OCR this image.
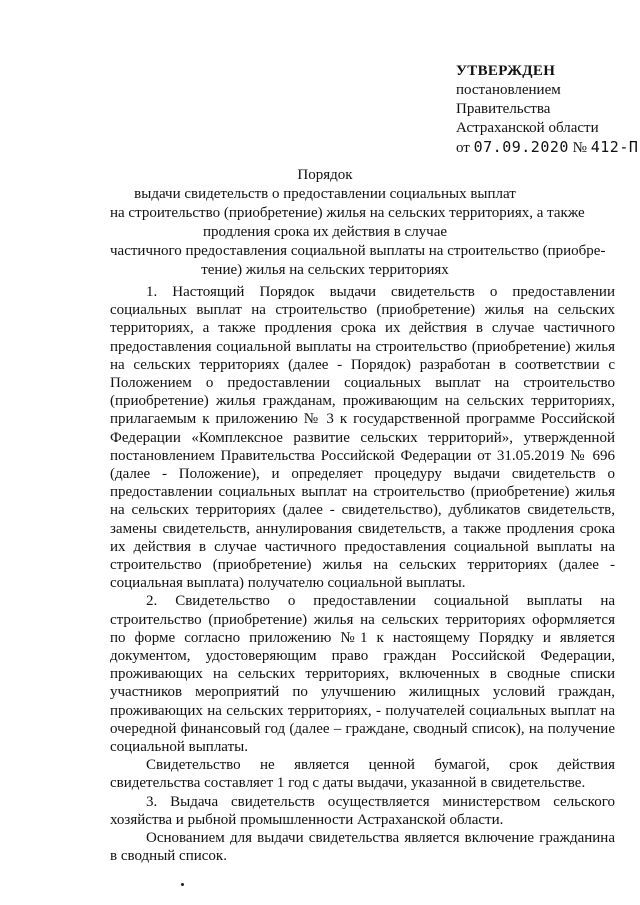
УТВЕРЖДЕН
постановлением
Правительства
Астраханской области
от 07.09.2020 № 412-П
Порядок
выдачи свидетельств о предоставлении социальных выплат
на строительство (приобретение) жилья на сельских территориях, а также
продления срока их действия в случае
частичного предоставления социальной выплаты на строительство (приобре-
тение) жилья на сельских территориях

1. Настоящий Порядок выдачи свидетельств о предоставлении социальных выплат на строительство (приобретение) жилья на сельских территориях, а также продления срока их действия в случае частичного предоставления социальной выплаты на строительство (приобретение) жилья на сельских территориях (далее - Порядок) разработан в соответствии с Положением о предоставлении социальных выплат на строительство (приобретение) жилья гражданам, проживающим на сельских территориях, прилагаемым к приложению № 3 к государственной программе Российской Федерации «Комплексное развитие сельских территорий», утвержденной постановлением Правительства Российской Федерации от 31.05.2019 № 696 (далее - Положение), и определяет процедуру выдачи свидетельств о предоставлении социальных выплат на строительство (приобретение) жилья на сельских территориях (далее - свидетельство), дубликатов свидетельств, замены свидетельств, аннулирования свидетельств, а также продления срока их действия в случае частичного предоставления социальной выплаты на строительство (приобретение) жилья на сельских территориях (далее - социальная выплата) получателю социальной выплаты.

2. Свидетельство о предоставлении социальной выплаты на строительство (приобретение) жилья на сельских территориях оформляется по форме согласно приложению №1 к настоящему Порядку и является документом, удостоверяющим право граждан Российской Федерации, проживающих на сельских территориях, включенных в сводные списки участников мероприятий по улучшению жилищных условий граждан, проживающих на сельских территориях, - получателей социальных выплат на очередной финансовый год (далее – граждане, сводный список), на получение социальной выплаты.

Свидетельство не является ценной бумагой, срок действия свидетельства составляет 1 год с даты выдачи, указанной в свидетельстве.

3. Выдача свидетельств осуществляется министерством сельского хозяйства и рыбной промышленности Астраханской области.

Основанием для выдачи свидетельства является включение гражданина в сводный список.
